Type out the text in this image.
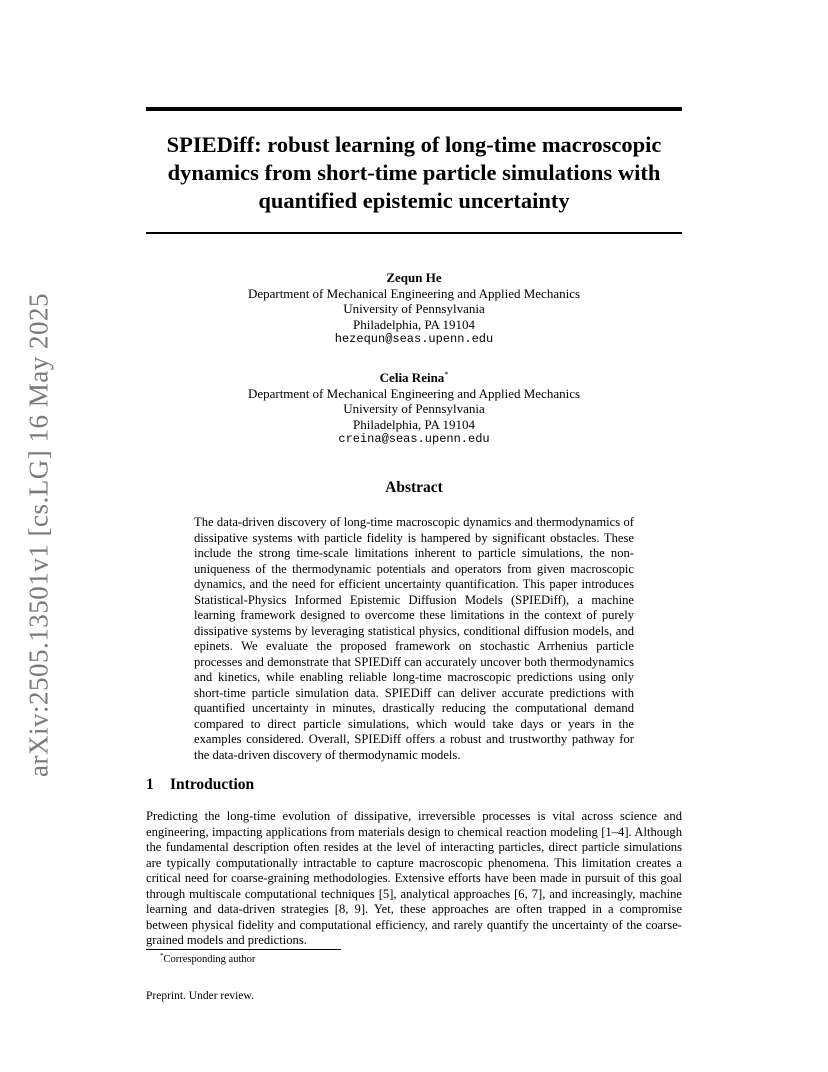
arXiv:2505.13501v1 [cs.LG] 16 May 2025
SPIEDiff: robust learning of long-time macroscopic dynamics from short-time particle simulations with quantified epistemic uncertainty
Zequn He
Department of Mechanical Engineering and Applied Mechanics
University of Pennsylvania
Philadelphia, PA 19104
hezequn@seas.upenn.edu
Celia Reina*
Department of Mechanical Engineering and Applied Mechanics
University of Pennsylvania
Philadelphia, PA 19104
creina@seas.upenn.edu
Abstract

The data-driven discovery of long-time macroscopic dynamics and thermodynamics of dissipative systems with particle fidelity is hampered by significant obstacles. These include the strong time-scale limitations inherent to particle simulations, the non-uniqueness of the thermodynamic potentials and operators from given macroscopic dynamics, and the need for efficient uncertainty quantification. This paper introduces Statistical-Physics Informed Epistemic Diffusion Models (SPIEDiff), a machine learning framework designed to overcome these limitations in the context of purely dissipative systems by leveraging statistical physics, conditional diffusion models, and epinets. We evaluate the proposed framework on stochastic Arrhenius particle processes and demonstrate that SPIEDiff can accurately uncover both thermodynamics and kinetics, while enabling reliable long-time macroscopic predictions using only short-time particle simulation data. SPIEDiff can deliver accurate predictions with quantified uncertainty in minutes, drastically reducing the computational demand compared to direct particle simulations, which would take days or years in the examples considered. Overall, SPIEDiff offers a robust and trustworthy pathway for the data-driven discovery of thermodynamic models.

1 Introduction

Predicting the long-time evolution of dissipative, irreversible processes is vital across science and engineering, impacting applications from materials design to chemical reaction modeling [1–4]. Although the fundamental description often resides at the level of interacting particles, direct particle simulations are typically computationally intractable to capture macroscopic phenomena. This limitation creates a critical need for coarse-graining methodologies. Extensive efforts have been made in pursuit of this goal through multiscale computational techniques [5], analytical approaches [6, 7], and increasingly, machine learning and data-driven strategies [8, 9]. Yet, these approaches are often trapped in a compromise between physical fidelity and computational efficiency, and rarely quantify the uncertainty of the coarse-grained models and predictions.

*Corresponding author
Preprint. Under review.
